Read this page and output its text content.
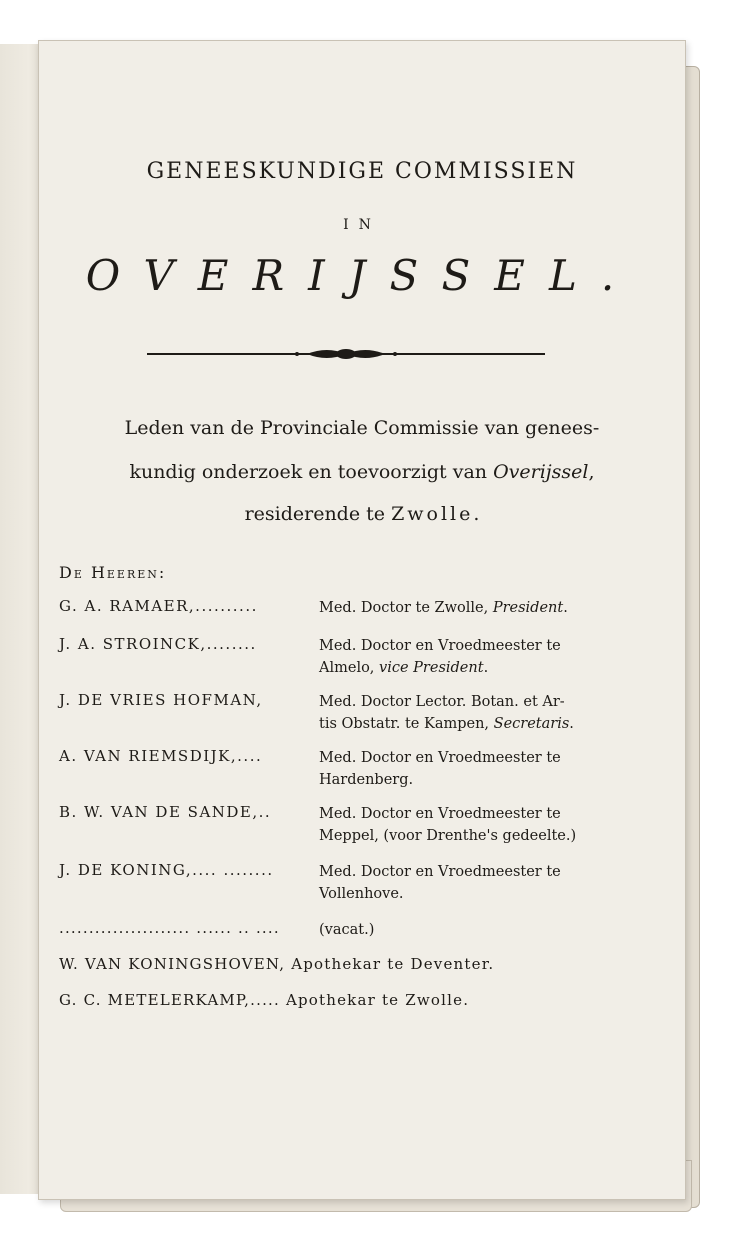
GENEESKUNDIGE COMMISSIEN
IN
OVERIJSSEL.
Leden van de Provinciale Commissie van genees-
kundig onderzoek en toevoorzigt van Overijssel,
residerende te Zwolle.
De Heeren:
G. A. RAMAER,..........	Med. Doctor te Zwolle, President.
J. A. STROINCK,........	Med. Doctor en Vroedmeester te
Almelo, vice President.
J. DE VRIES HOFMAN,	Med. Doctor Lector. Botan. et Ar-
tis Obstatr. te Kampen, Secretaris.
A. VAN RIEMSDIJK,....	Med. Doctor en Vroedmeester te
Hardenberg.
B. W. VAN DE SANDE,..	Med. Doctor en Vroedmeester te
Meppel, (voor Drenthe's gedeelte.)
J. DE KONING,.... ........	Med. Doctor en Vroedmeester te
Vollenhove.
...................... ...... .. ....	(vacat.)
W. VAN KONINGSHOVEN, Apothekar te Deventer.
G. C. METELERKAMP,..... Apothekar te Zwolle.
